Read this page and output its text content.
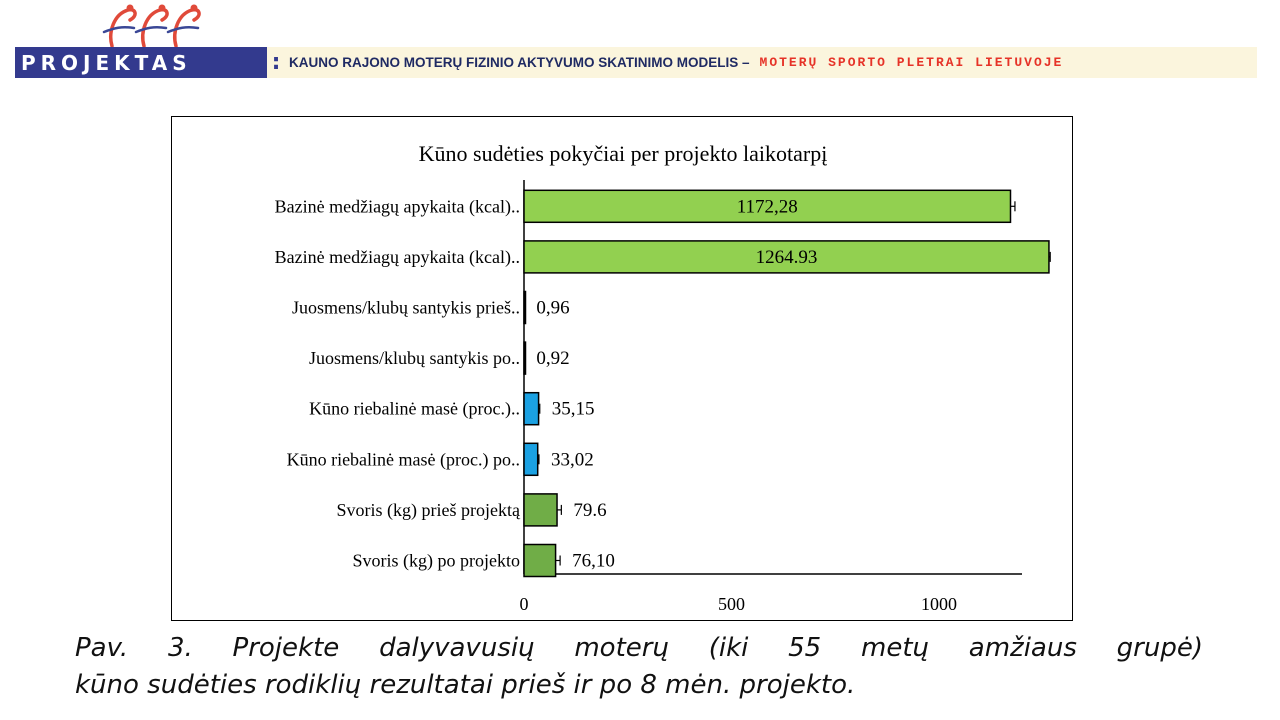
PROJEKTAS	: KAUNO RAJONO MOTERŲ FIZINIO AKTYVUMO SKATINIMO MODELIS – MOTERŲ SPORTO PLETRAI LIETUVOJE
Kūno sudėties pokyčiai per projekto laikotarpį
0	500	1000
Bazinė medžiagų apykaita (kcal)..	1172,28
Bazinė medžiagų apykaita (kcal)..	1264.93
Juosmens/klubų santykis prieš.. 0,96
Juosmens/klubų santykis po.. 0,92
Kūno riebalinė masė (proc.).. 35,15
Kūno riebalinė masė (proc.) po.. 33,02
Svoris (kg) prieš projektą	79.6
Svoris (kg) po projekto	76,10
Pav. 3. Projekte dalyvavusių moterų (iki 55 metų amžiaus grupė)
kūno sudėties rodiklių rezultatai prieš ir po 8 mėn. projekto.
